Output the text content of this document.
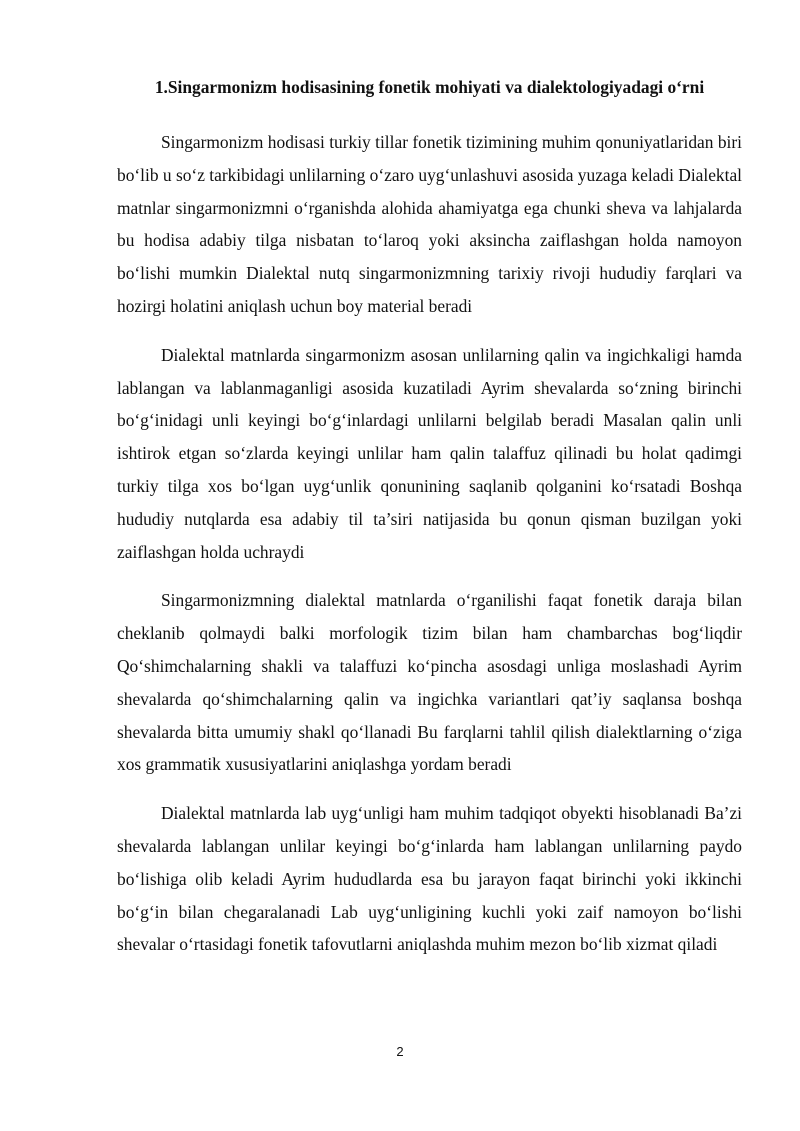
1.Singarmonizm hodisasining fonetik mohiyati va dialektologiyadagi o‘rni

Singarmonizm hodisasi turkiy tillar fonetik tizimining muhim qonuniyatlaridan biri bo‘lib u so‘z tarkibidagi unlilarning o‘zaro uyg‘unlashuvi asosida yuzaga keladi Dialektal matnlar singarmonizmni o‘rganishda alohida ahamiyatga ega chunki sheva va lahjalarda bu hodisa adabiy tilga nisbatan to‘laroq yoki aksincha zaiflashgan holda namoyon bo‘lishi mumkin Dialektal nutq singarmonizmning tarixiy rivoji hududiy farqlari va hozirgi holatini aniqlash uchun boy material beradi

Dialektal matnlarda singarmonizm asosan unlilarning qalin va ingichkaligi hamda lablangan va lablanmaganligi asosida kuzatiladi Ayrim shevalarda so‘zning birinchi bo‘g‘inidagi unli keyingi bo‘g‘inlardagi unlilarni belgilab beradi Masalan qalin unli ishtirok etgan so‘zlarda keyingi unlilar ham qalin talaffuz qilinadi bu holat qadimgi turkiy tilga xos bo‘lgan uyg‘unlik qonunining saqlanib qolganini ko‘rsatadi Boshqa hududiy nutqlarda esa adabiy til ta’siri natijasida bu qonun qisman buzilgan yoki zaiflashgan holda uchraydi

Singarmonizmning dialektal matnlarda o‘rganilishi faqat fonetik daraja bilan cheklanib qolmaydi balki morfologik tizim bilan ham chambarchas bog‘liqdir Qo‘shimchalarning shakli va talaffuzi ko‘pincha asosdagi unliga moslashadi Ayrim shevalarda qo‘shimchalarning qalin va ingichka variantlari qat’iy saqlansa boshqa shevalarda bitta umumiy shakl qo‘llanadi Bu farqlarni tahlil qilish dialektlarning o‘ziga xos grammatik xususiyatlarini aniqlashga yordam beradi

Dialektal matnlarda lab uyg‘unligi ham muhim tadqiqot obyekti hisoblanadi Ba’zi shevalarda lablangan unlilar keyingi bo‘g‘inlarda ham lablangan unlilarning paydo bo‘lishiga olib keladi Ayrim hududlarda esa bu jarayon faqat birinchi yoki ikkinchi bo‘g‘in bilan chegaralanadi Lab uyg‘unligining kuchli yoki zaif namoyon bo‘lishi shevalar o‘rtasidagi fonetik tafovutlarni aniqlashda muhim mezon bo‘lib xizmat qiladi

2
